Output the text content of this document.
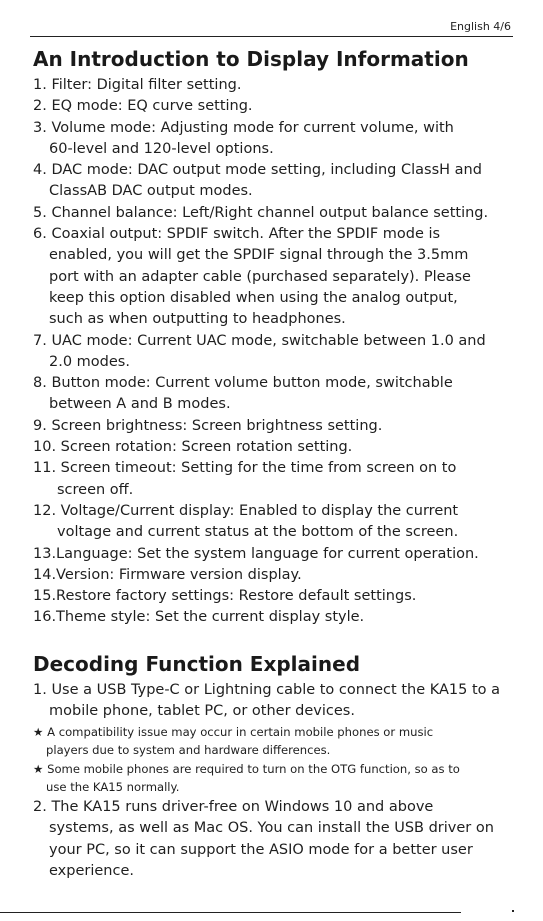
English 4/6
An Introduction to Display Information
1. Filter: Digital filter setting.
2. EQ mode: EQ curve setting.
3. Volume mode: Adjusting mode for current volume, with
60-level and 120-level options.
4. DAC mode: DAC output mode setting, including ClassH and
ClassAB DAC output modes.
5. Channel balance: Left/Right channel output balance setting.
6. Coaxial output: SPDIF switch. After the SPDIF mode is
enabled, you will get the SPDIF signal through the 3.5mm
port with an adapter cable (purchased separately). Please
keep this option disabled when using the analog output,
such as when outputting to headphones.
7. UAC mode: Current UAC mode, switchable between 1.0 and
2.0 modes.
8. Button mode: Current volume button mode, switchable
between A and B modes.
9. Screen brightness: Screen brightness setting.
10. Screen rotation: Screen rotation setting.
11. Screen timeout: Setting for the time from screen on to
screen off.
12. Voltage/Current display: Enabled to display the current
voltage and current status at the bottom of the screen.
13.Language: Set the system language for current operation.
14.Version: Firmware version display.
15.Restore factory settings: Restore default settings.
16.Theme style: Set the current display style.
Decoding Function Explained
1. Use a USB Type-C or Lightning cable to connect the KA15 to a
mobile phone, tablet PC, or other devices.
★ A compatibility issue may occur in certain mobile phones or music
players due to system and hardware differences.
★ Some mobile phones are required to turn on the OTG function, so as to
use the KA15 normally.
2. The KA15 runs driver-free on Windows 10 and above
systems, as well as Mac OS. You can install the USB driver on
your PC, so it can support the ASIO mode for a better user
experience.
